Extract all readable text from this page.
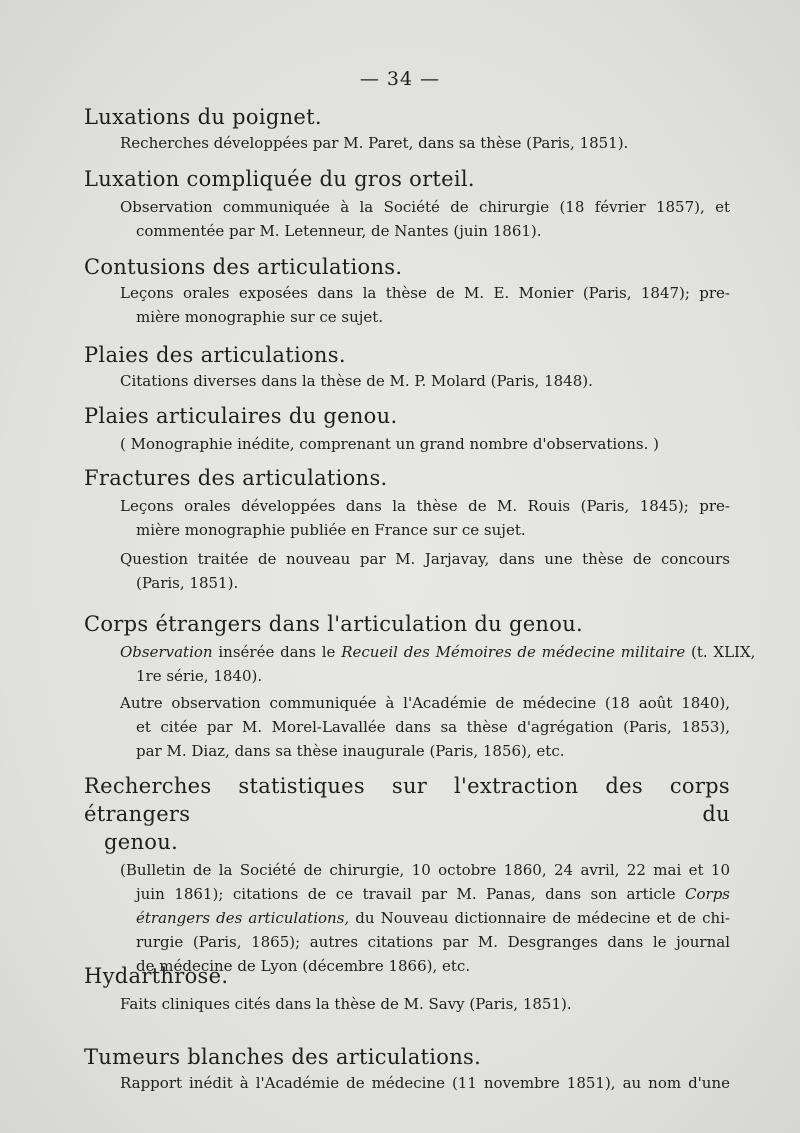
— 34 —
Luxations du poignet.
Recherches développées par M. Paret, dans sa thèse (Paris, 1851).
Luxation compliquée du gros orteil.
Observation communiquée à la Société de chirurgie (18 février 1857), et
commentée par M. Letenneur, de Nantes (juin 1861).
Contusions des articulations.
Leçons orales exposées dans la thèse de M. E. Monier (Paris, 1847); pre-
mière monographie sur ce sujet.
Plaies des articulations.
Citations diverses dans la thèse de M. P. Molard (Paris, 1848).
Plaies articulaires du genou.
( Monographie inédite, comprenant un grand nombre d'observations. )
Fractures des articulations.
Leçons orales développées dans la thèse de M. Rouis (Paris, 1845); pre-
mière monographie publiée en France sur ce sujet.
Question traitée de nouveau par M. Jarjavay, dans une thèse de concours
(Paris, 1851).
Corps étrangers dans l'articulation du genou.
Observation insérée dans le Recueil des Mémoires de médecine militaire (t. XLIX,
1re série, 1840).
Autre observation communiquée à l'Académie de médecine (18 août 1840),
et citée par M. Morel-Lavallée dans sa thèse d'agrégation (Paris, 1853),
par M. Diaz, dans sa thèse inaugurale (Paris, 1856), etc.
Recherches statistiques sur l'extraction des corps étrangers du
genou.
(Bulletin de la Société de chirurgie, 10 octobre 1860, 24 avril, 22 mai et 10
juin 1861); citations de ce travail par M. Panas, dans son article Corps
étrangers des articulations, du Nouveau dictionnaire de médecine et de chi-
rurgie (Paris, 1865); autres citations par M. Desgranges dans le journal
de médecine de Lyon (décembre 1866), etc.
Hydarthrose.
Faits cliniques cités dans la thèse de M. Savy (Paris, 1851).
Tumeurs blanches des articulations.
Rapport inédit à l'Académie de médecine (11 novembre 1851), au nom d'une
